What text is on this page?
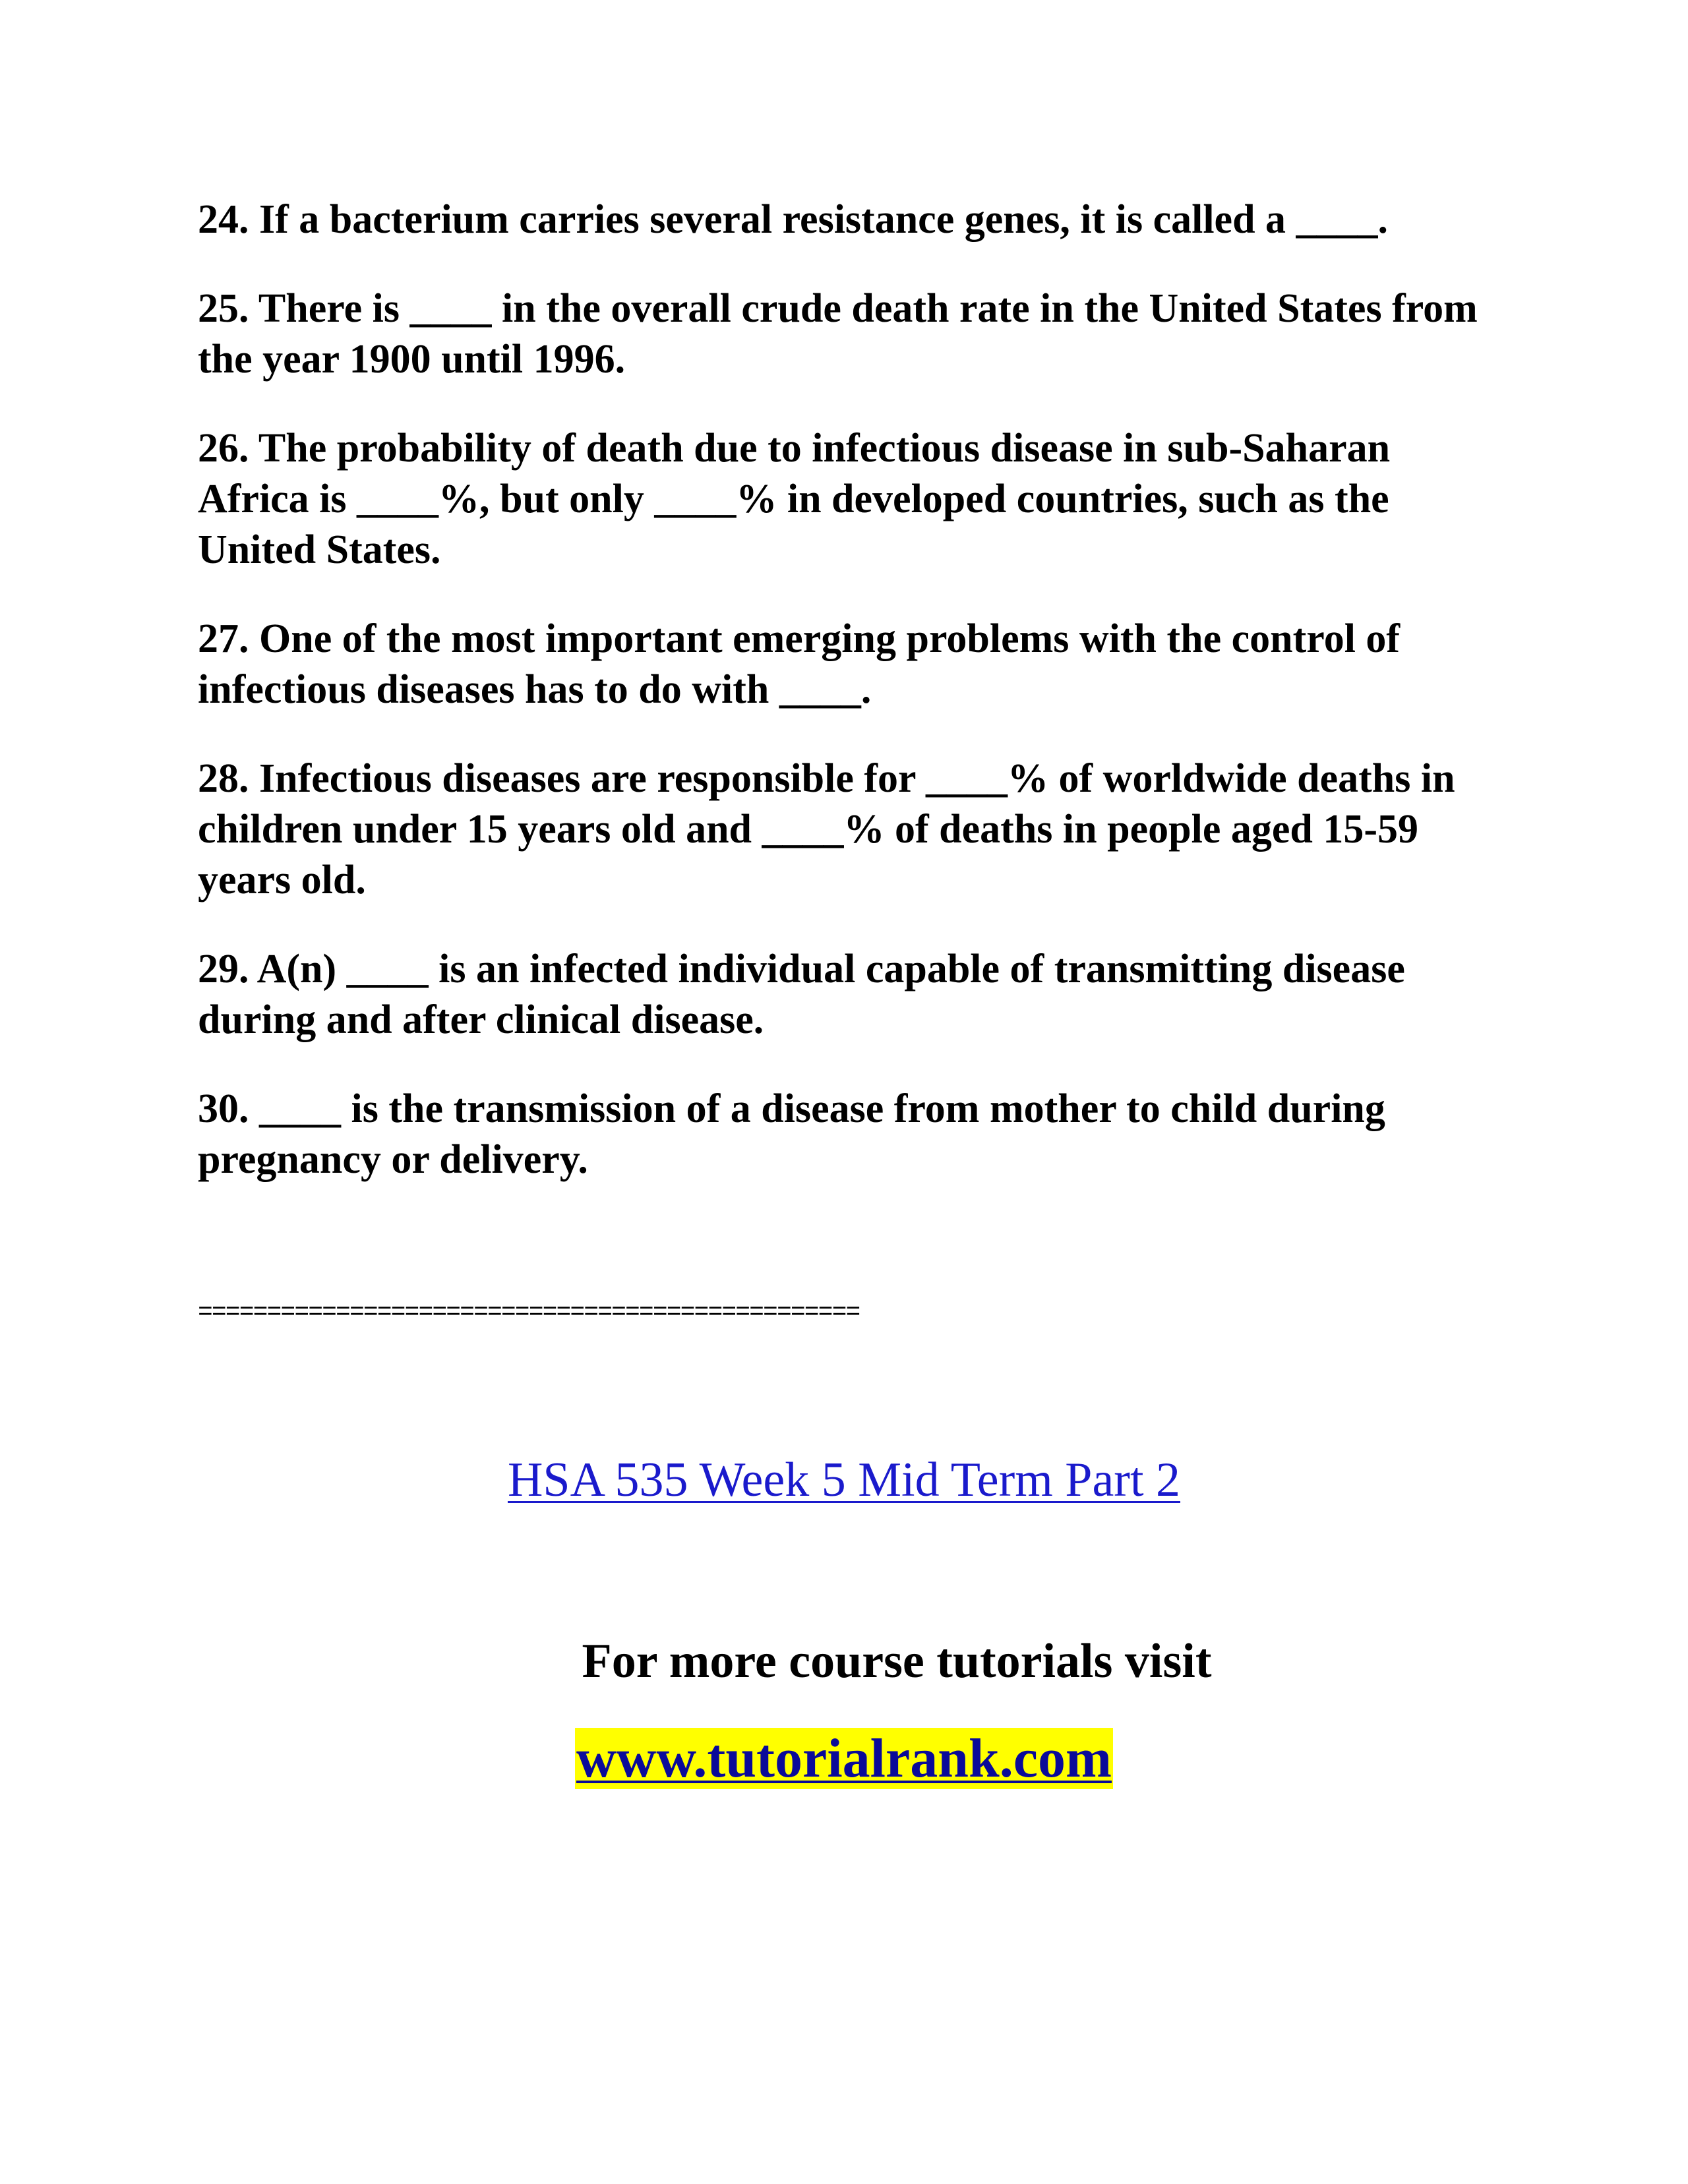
24. If a bacterium carries several resistance genes, it is called a ____.

25. There is ____ in the overall crude death rate in the United States from the year 1900 until 1996.

26. The probability of death due to infectious disease in sub-Saharan Africa is ____%, but only ____% in developed countries, such as the United States.

27. One of the most important emerging problems with the control of infectious diseases has to do with ____.

28. Infectious diseases are responsible for ____% of worldwide deaths in children under 15 years old and ____% of deaths in people aged 15-59 years old.

29. A(n) ____ is an infected individual capable of transmitting disease during and after clinical disease.

30. ____ is the transmission of a disease from mother to child during pregnancy or delivery.

================================================
HSA 535 Week 5 Mid Term Part 2
For more course tutorials visit
www.tutorialrank.com
